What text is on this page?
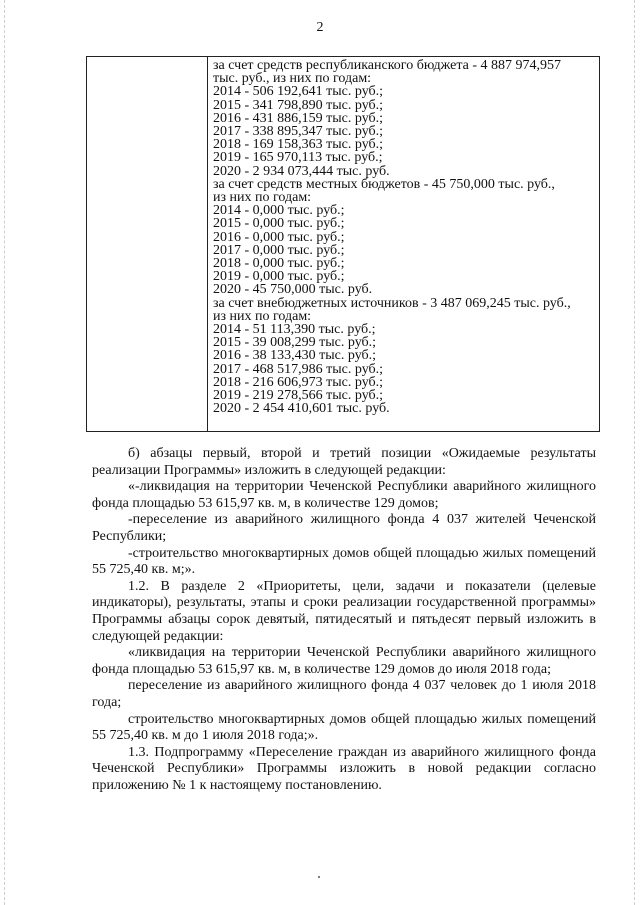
2
за счет средств республиканского бюджета - 4 887 974,957
тыс. руб., из них по годам:
2014 - 506 192,641 тыс. руб.;
2015 - 341 798,890 тыс. руб.;
2016 - 431 886,159 тыс. руб.;
2017 - 338 895,347 тыс. руб.;
2018 - 169 158,363 тыс. руб.;
2019 - 165 970,113 тыс. руб.;
2020 - 2 934 073,444 тыс. руб.
за счет средств местных бюджетов - 45 750,000 тыс. руб.,
из них по годам:
2014 - 0,000 тыс. руб.;
2015 - 0,000 тыс. руб.;
2016 - 0,000 тыс. руб.;
2017 - 0,000 тыс. руб.;
2018 - 0,000 тыс. руб.;
2019 - 0,000 тыс. руб.;
2020 - 45 750,000 тыс. руб.
за счет внебюджетных источников - 3 487 069,245 тыс. руб.,
из них по годам:
2014 - 51 113,390 тыс. руб.;
2015 - 39 008,299 тыс. руб.;
2016 - 38 133,430 тыс. руб.;
2017 - 468 517,986 тыс. руб.;
2018 - 216 606,973 тыс. руб.;
2019 - 219 278,566 тыс. руб.;
2020 - 2 454 410,601 тыс. руб.

б) абзацы первый, второй и третий позиции «Ожидаемые результаты реализации Программы» изложить в следующей редакции:

«-ликвидация на территории Чеченской Республики аварийного жилищного фонда площадью 53 615,97 кв. м, в количестве 129 домов;

-переселение из аварийного жилищного фонда 4 037 жителей Чеченской Республики;

-строительство многоквартирных домов общей площадью жилых помещений 55 725,40 кв. м;».

1.2. В разделе 2 «Приоритеты, цели, задачи и показатели (целевые индикаторы), результаты, этапы и сроки реализации государственной программы» Программы абзацы сорок девятый, пятидесятый и пятьдесят первый изложить в следующей редакции:

«ликвидация на территории Чеченской Республики аварийного жилищного фонда площадью 53 615,97 кв. м, в количестве 129 домов до июля 2018 года;

переселение из аварийного жилищного фонда 4 037 человек до 1 июля 2018 года;

строительство многоквартирных домов общей площадью жилых помещений 55 725,40 кв. м до 1 июля 2018 года;».

1.3. Подпрограмму «Переселение граждан из аварийного жилищного фонда Чеченской Республики» Программы изложить в новой редакции согласно приложению № 1 к настоящему постановлению.
